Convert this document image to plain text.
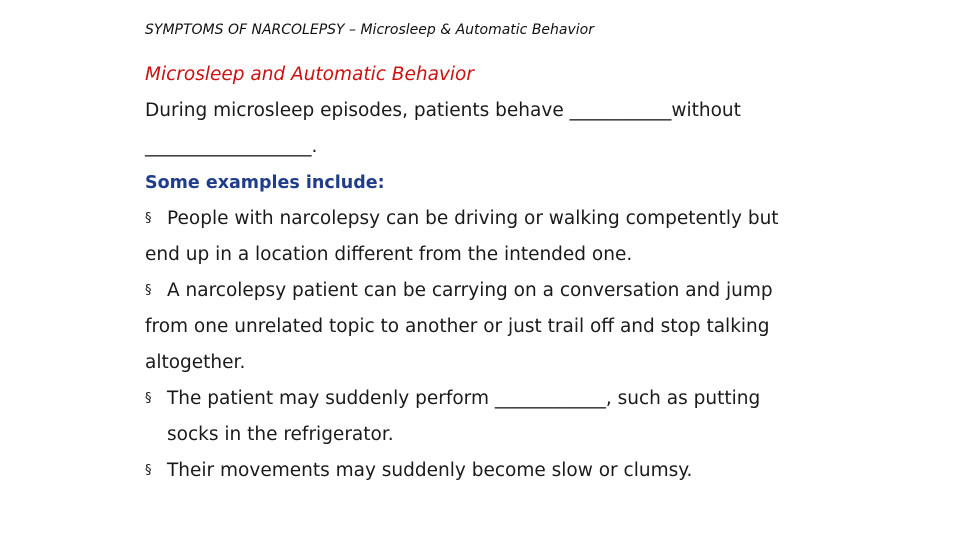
SYMPTOMS OF NARCOLEPSY – Microsleep & Automatic Behavior
Microsleep and Automatic Behavior
During microsleep episodes, patients behave ___________without
__________________.
Some examples include:
§ People with narcolepsy can be driving or walking competently but
end up in a location different from the intended one.
§ A narcolepsy patient can be carrying on a conversation and jump
from one unrelated topic to another or just trail off and stop talking
altogether.
§ The patient may suddenly perform ____________, such as putting
socks in the refrigerator.
§ Their movements may suddenly become slow or clumsy.
